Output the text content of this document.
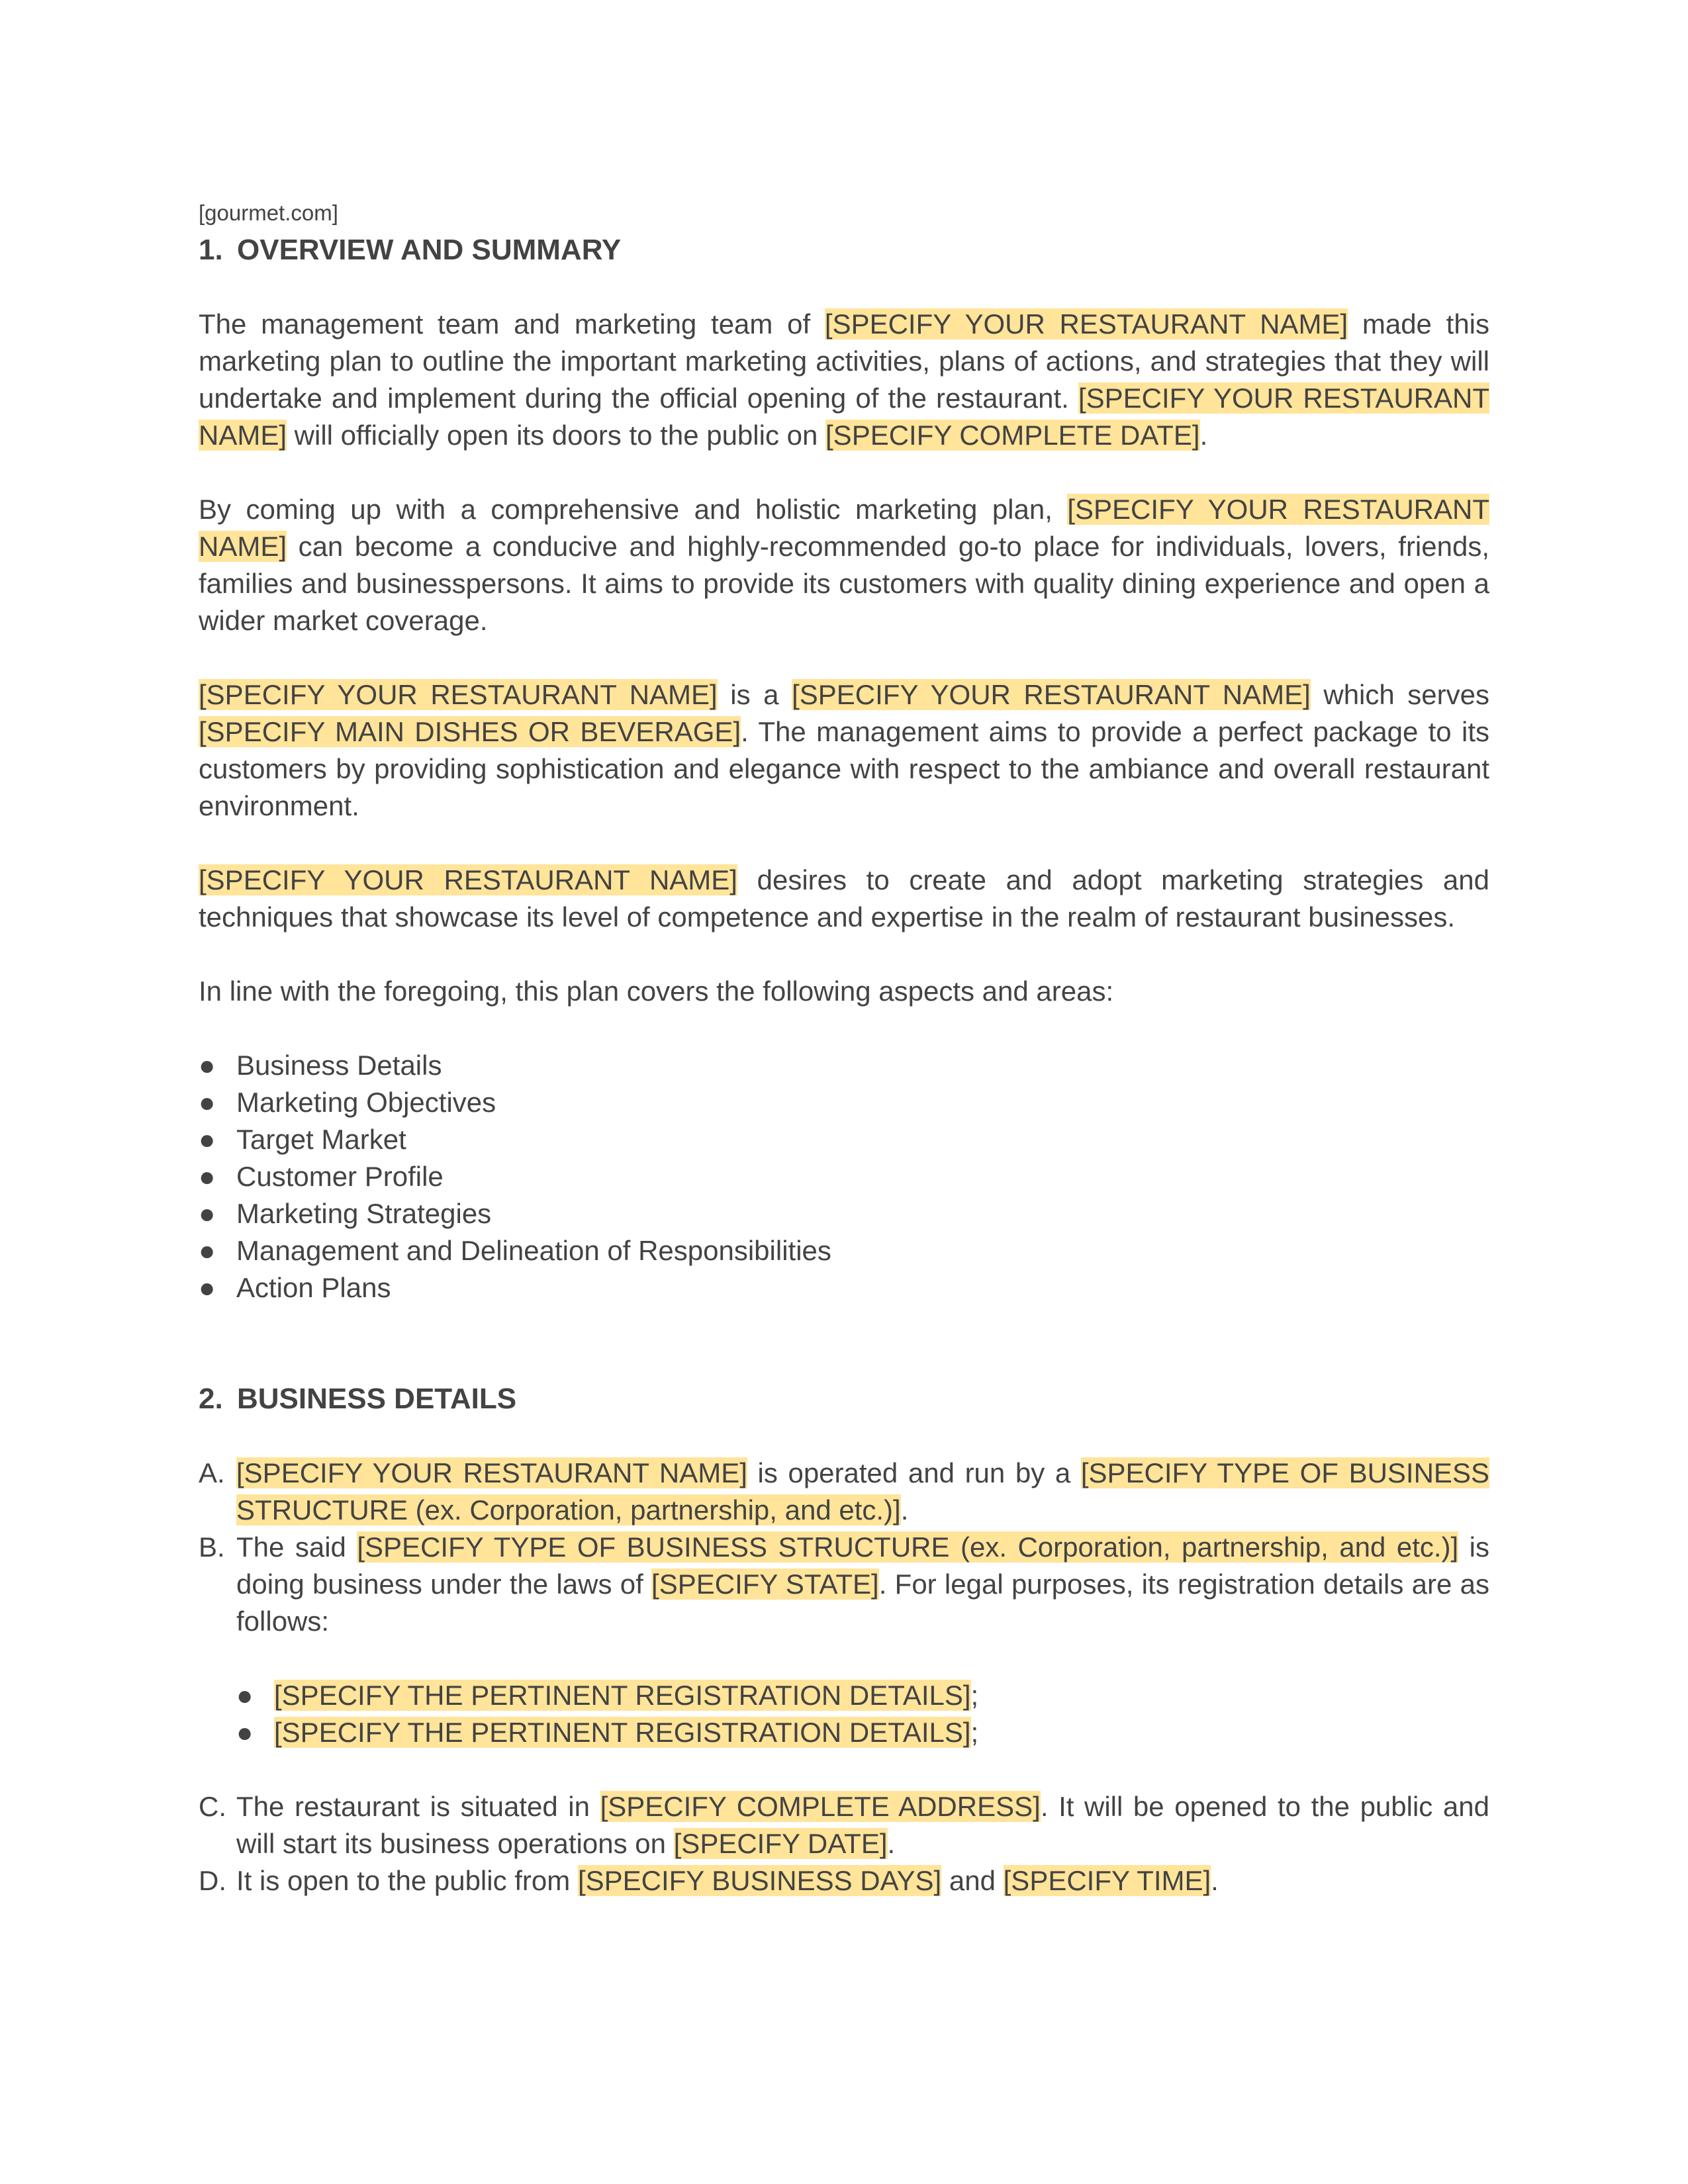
[gourmet.com]
1. OVERVIEW AND SUMMARY

The management team and marketing team of [SPECIFY YOUR RESTAURANT NAME] made this marketing plan to outline the important marketing activities, plans of actions, and strategies that they will undertake and implement during the official opening of the restaurant. [SPECIFY YOUR RESTAURANT NAME] will officially open its doors to the public on [SPECIFY COMPLETE DATE].

By coming up with a comprehensive and holistic marketing plan, [SPECIFY YOUR RESTAURANT NAME] can become a conducive and highly-recommended go-to place for individuals, lovers, friends, families and businesspersons. It aims to provide its customers with quality dining experience and open a wider market coverage.

[SPECIFY YOUR RESTAURANT NAME] is a [SPECIFY YOUR RESTAURANT NAME] which serves [SPECIFY MAIN DISHES OR BEVERAGE]. The management aims to provide a perfect package to its customers by providing sophistication and elegance with respect to the ambiance and overall restaurant environment.

[SPECIFY YOUR RESTAURANT NAME] desires to create and adopt marketing strategies and techniques that showcase its level of competence and expertise in the realm of restaurant businesses.

In line with the foregoing, this plan covers the following aspects and areas:

● Business Details
● Marketing Objectives
● Target Market
● Customer Profile
● Marketing Strategies
● Management and Delineation of Responsibilities
● Action Plans
2. BUSINESS DETAILS
A. [SPECIFY YOUR RESTAURANT NAME] is operated and run by a [SPECIFY TYPE OF BUSINESS STRUCTURE (ex. Corporation, partnership, and etc.)].
B. The said [SPECIFY TYPE OF BUSINESS STRUCTURE (ex. Corporation, partnership, and etc.)] is doing business under the laws of [SPECIFY STATE]. For legal purposes, its registration details are as follows:
● [SPECIFY THE PERTINENT REGISTRATION DETAILS];
● [SPECIFY THE PERTINENT REGISTRATION DETAILS];
C. The restaurant is situated in [SPECIFY COMPLETE ADDRESS]. It will be opened to the public and will start its business operations on [SPECIFY DATE].
D. It is open to the public from [SPECIFY BUSINESS DAYS] and [SPECIFY TIME].
